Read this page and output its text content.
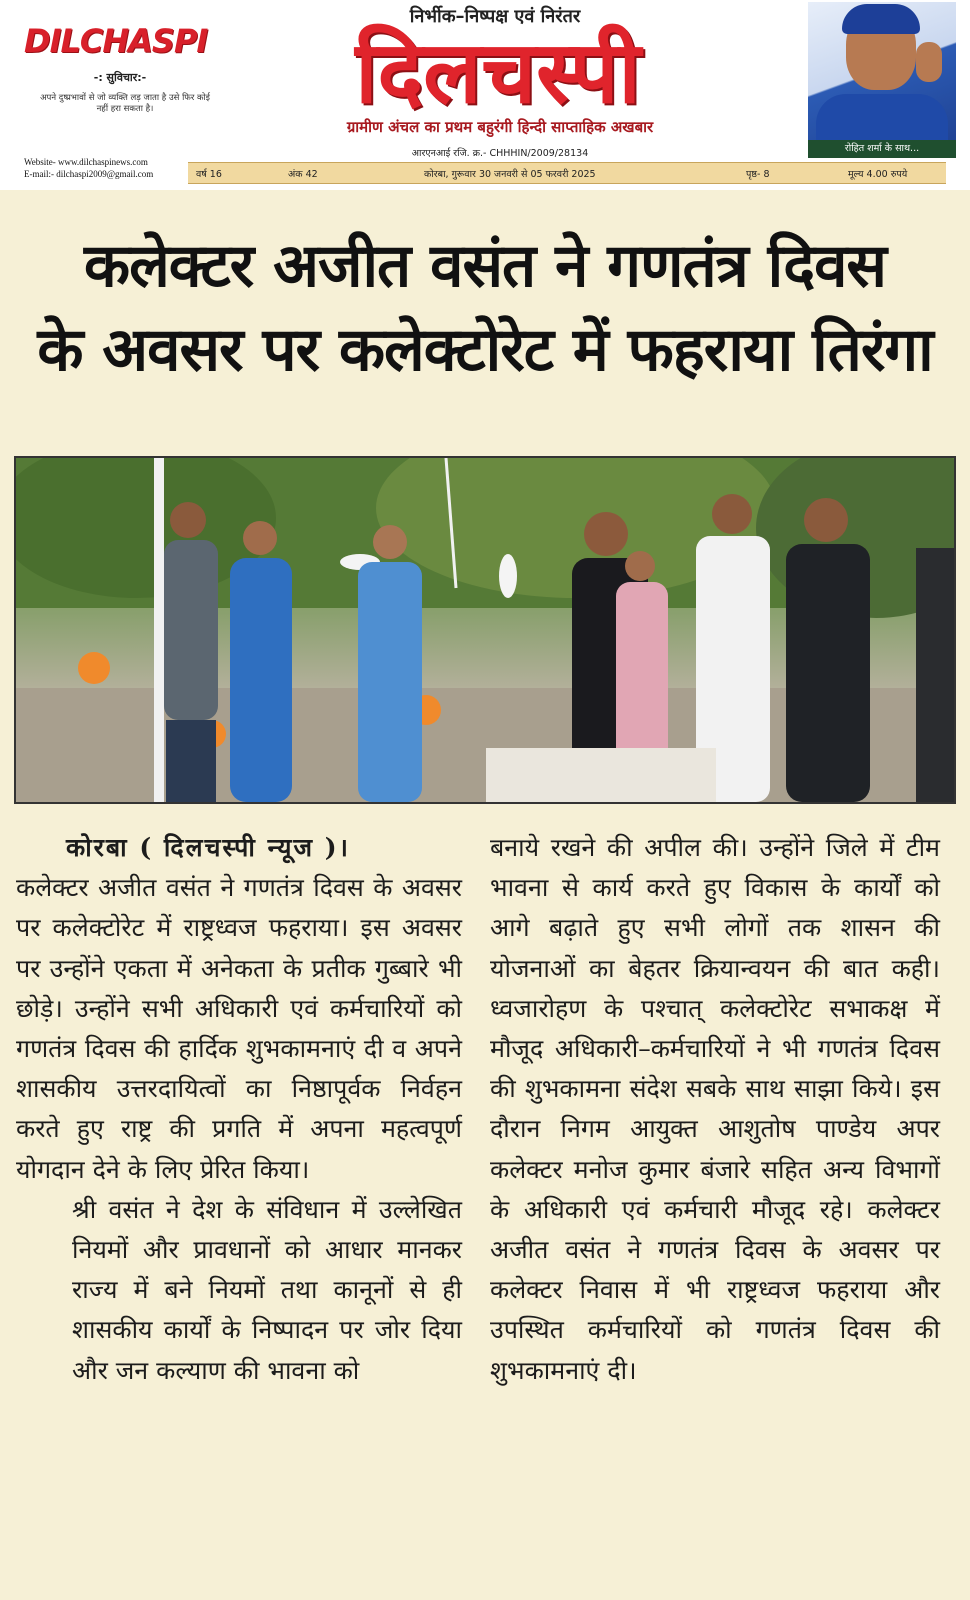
DILCHASPI
-: सुविचार:-
अपने दुष्प्रभावों से जो व्यक्ति लड़ जाता है उसे फिर कोई नहीं हरा सकता है।
Website- www.dilchaspinews.com
E-mail:- dilchaspi2009@gmail.com
निर्भीक–निष्पक्ष एवं निरंतर
दिलचस्पी
ग्रामीण अंचल का प्रथम बहुरंगी हिन्दी साप्ताहिक अखबार
आरएनआई रजि. क्र.- CHHHIN/2009/28134
वर्ष 16	अंक 42	कोरबा, गुरूवार 30 जनवरी से 05 फरवरी 2025	पृष्ठ- 8	मूल्य 4.00 रुपये
रोहित शर्मा के साथ...
कलेक्टर अजीत वसंत ने गणतंत्र दिवस
के अवसर पर कलेक्टोरेट में फहराया तिरंगा

कोरबा ( दिलचस्पी न्यूज )।

कलेक्टर अजीत वसंत ने गणतंत्र दिवस के अवसर पर कलेक्टोरेट में राष्ट्रध्वज फहराया। इस अवसर पर उन्होंने एकता में अनेकता के प्रतीक गुब्बारे भी छोड़े। उन्होंने सभी अधिकारी एवं कर्मचारियों को गणतंत्र दिवस की हार्दिक शुभकामनाएं दी व अपने शासकीय उत्तरदायित्वों का निष्ठापूर्वक निर्वहन करते हुए राष्ट्र की प्रगति में अपना महत्वपूर्ण योगदान देने के लिए प्रेरित किया।

श्री वसंत ने देश के संविधान में उल्लेखित नियमों और प्रावधानों को आधार मानकर राज्य में बने नियमों तथा कानूनों से ही शासकीय कार्यों के निष्पादन पर जोर दिया और जन कल्याण की भावना को

बनाये रखने की अपील की। उन्होंने जिले में टीम भावना से कार्य करते हुए विकास के कार्यों को आगे बढ़ाते हुए सभी लोगों तक शासन की योजनाओं का बेहतर क्रियान्वयन की बात कही। ध्वजारोहण के पश्चात् कलेक्टोरेट सभाकक्ष में मौजूद अधिकारी–कर्मचारियों ने भी गणतंत्र दिवस की शुभकामना संदेश सबके साथ साझा किये। इस दौरान निगम आयुक्त आशुतोष पाण्डेय अपर कलेक्टर मनोज कुमार बंजारे सहित अन्य विभागों के अधिकारी एवं कर्मचारी मौजूद रहे। कलेक्टर अजीत वसंत ने गणतंत्र दिवस के अवसर पर कलेक्टर निवास में भी राष्ट्रध्वज फहराया और उपस्थित कर्मचारियों को गणतंत्र दिवस की शुभकामनाएं दी।
